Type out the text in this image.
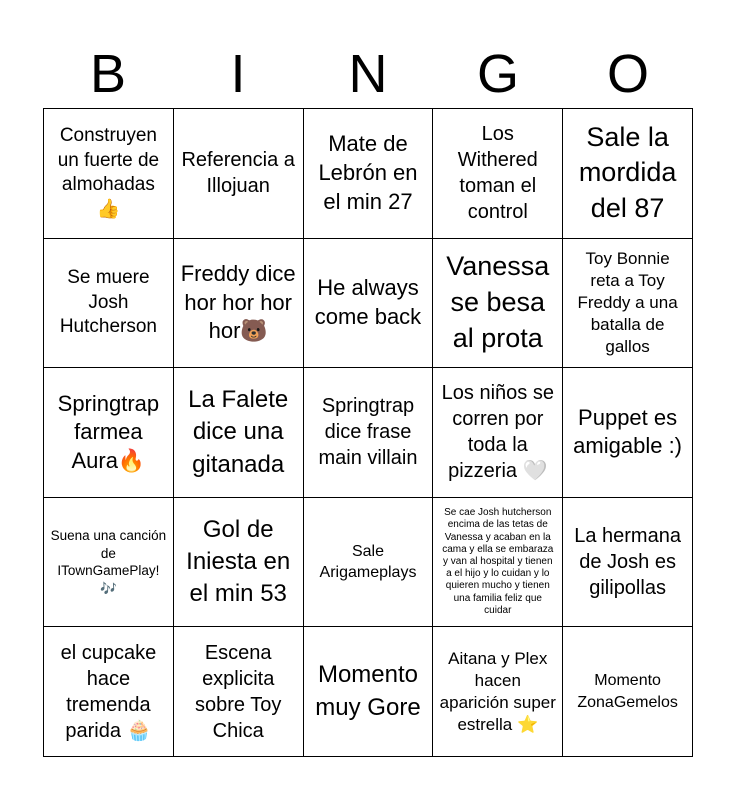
B	I	N	G	O
Construyen un fuerte de almohadas 👍
Referencia a Illojuan
Mate de Lebrón en el min 27
Los Withered toman el control
Sale la mordida del 87
Se muere Josh Hutcherson
Freddy dice hor hor hor hor🐻
He always come back
Vanessa se besa al prota
Toy Bonnie reta a Toy Freddy a una batalla de gallos
Springtrap farmea Aura🔥
La Falete dice una gitanada
Springtrap dice frase main villain
Los niños se corren por toda la pizzeria 🤍
Puppet es amigable :)
Suena una canción de ITownGamePlay! 🎶
Gol de Iniesta en el min 53
Sale Arigameplays
Se cae Josh hutcherson encima de las tetas de Vanessa y acaban en la cama y ella se embaraza y van al hospital y tienen a el hijo y lo cuidan y lo quieren mucho y tienen una familia feliz que cuidar
La hermana de Josh es gilipollas
el cupcake hace tremenda parida 🧁
Escena explicita sobre Toy Chica
Momento muy Gore
Aitana y Plex hacen aparición super estrella ⭐
Momento ZonaGemelos
